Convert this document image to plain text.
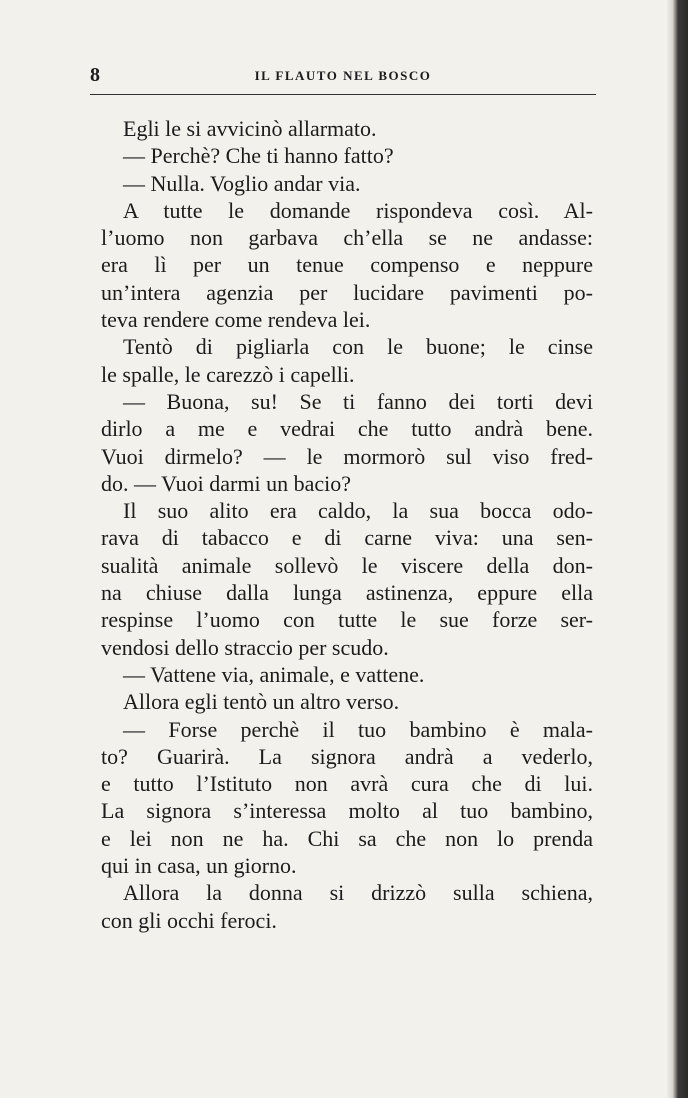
8	IL FLAUTO NEL BOSCO
Egli le si avvicinò allarmato.
— Perchè? Che ti hanno fatto?
— Nulla. Voglio andar via.
A tutte le domande rispondeva così. Al-
l’uomo non garbava ch’ella se ne andasse:
era lì per un tenue compenso e neppure
un’intera agenzia per lucidare pavimenti po-
teva rendere come rendeva lei.
Tentò di pigliarla con le buone; le cinse
le spalle, le carezzò i capelli.
— Buona, su! Se ti fanno dei torti devi
dirlo a me e vedrai che tutto andrà bene.
Vuoi dirmelo? — le mormorò sul viso fred-
do. — Vuoi darmi un bacio?
Il suo alito era caldo, la sua bocca odo-
rava di tabacco e di carne viva: una sen-
sualità animale sollevò le viscere della don-
na chiuse dalla lunga astinenza, eppure ella
respinse l’uomo con tutte le sue forze ser-
vendosi dello straccio per scudo.
— Vattene via, animale, e vattene.
Allora egli tentò un altro verso.
— Forse perchè il tuo bambino è mala-
to? Guarirà. La signora andrà a vederlo,
e tutto l’Istituto non avrà cura che di lui.
La signora s’interessa molto al tuo bambino,
e lei non ne ha. Chi sa che non lo prenda
qui in casa, un giorno.
Allora la donna si drizzò sulla schiena,
con gli occhi feroci.
